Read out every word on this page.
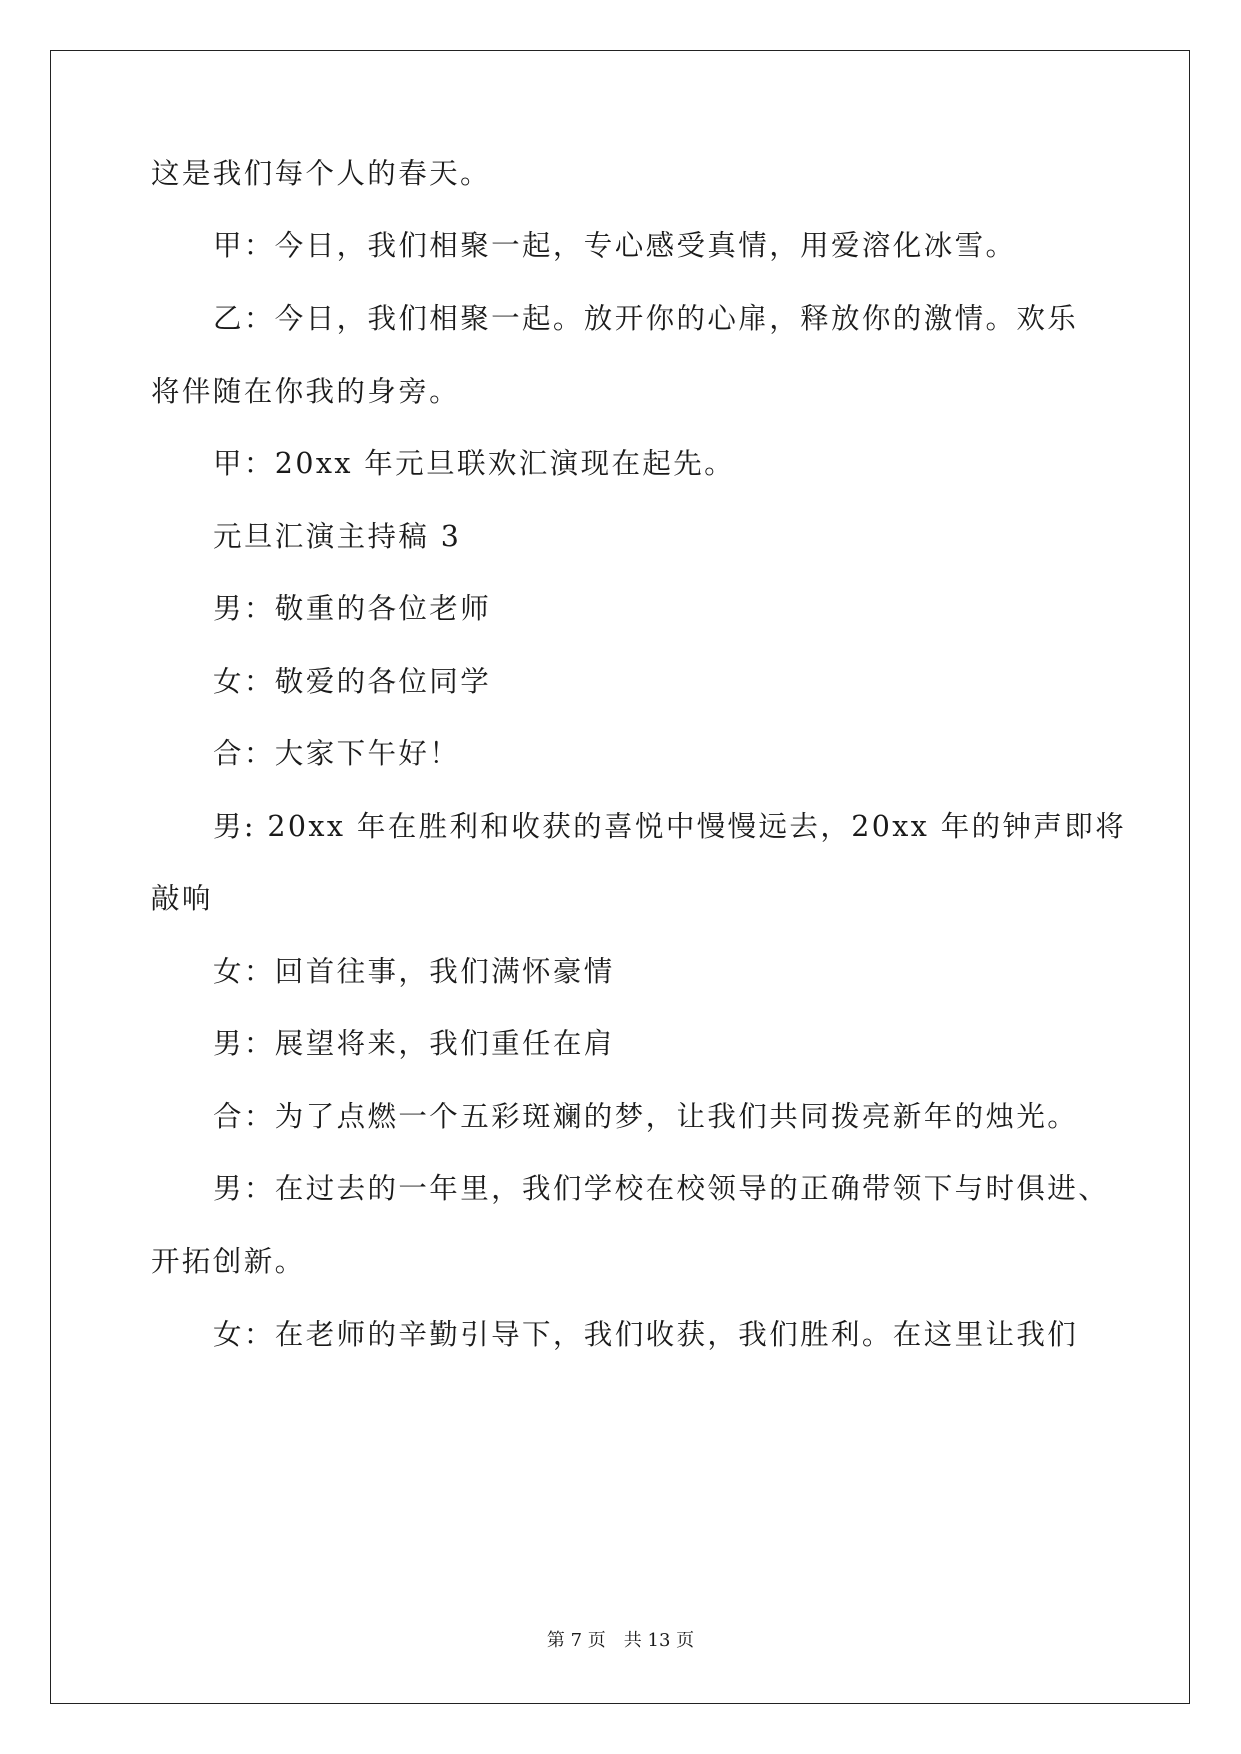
这是我们每个人的春天。
甲：今日，我们相聚一起，专心感受真情，用爱溶化冰雪。
乙：今日，我们相聚一起。放开你的心扉，释放你的激情。欢乐
将伴随在你我的身旁。
甲：20xx 年元旦联欢汇演现在起先。
元旦汇演主持稿 3
男：敬重的各位老师
女：敬爱的各位同学
合：大家下午好！
男: 20xx 年在胜利和收获的喜悦中慢慢远去，20xx 年的钟声即将
敲响
女：回首往事，我们满怀豪情
男：展望将来，我们重任在肩
合：为了点燃一个五彩斑斓的梦，让我们共同拨亮新年的烛光。
男：在过去的一年里，我们学校在校领导的正确带领下与时俱进、
开拓创新。
女：在老师的辛勤引导下，我们收获，我们胜利。在这里让我们
第 7 页　共 13 页
